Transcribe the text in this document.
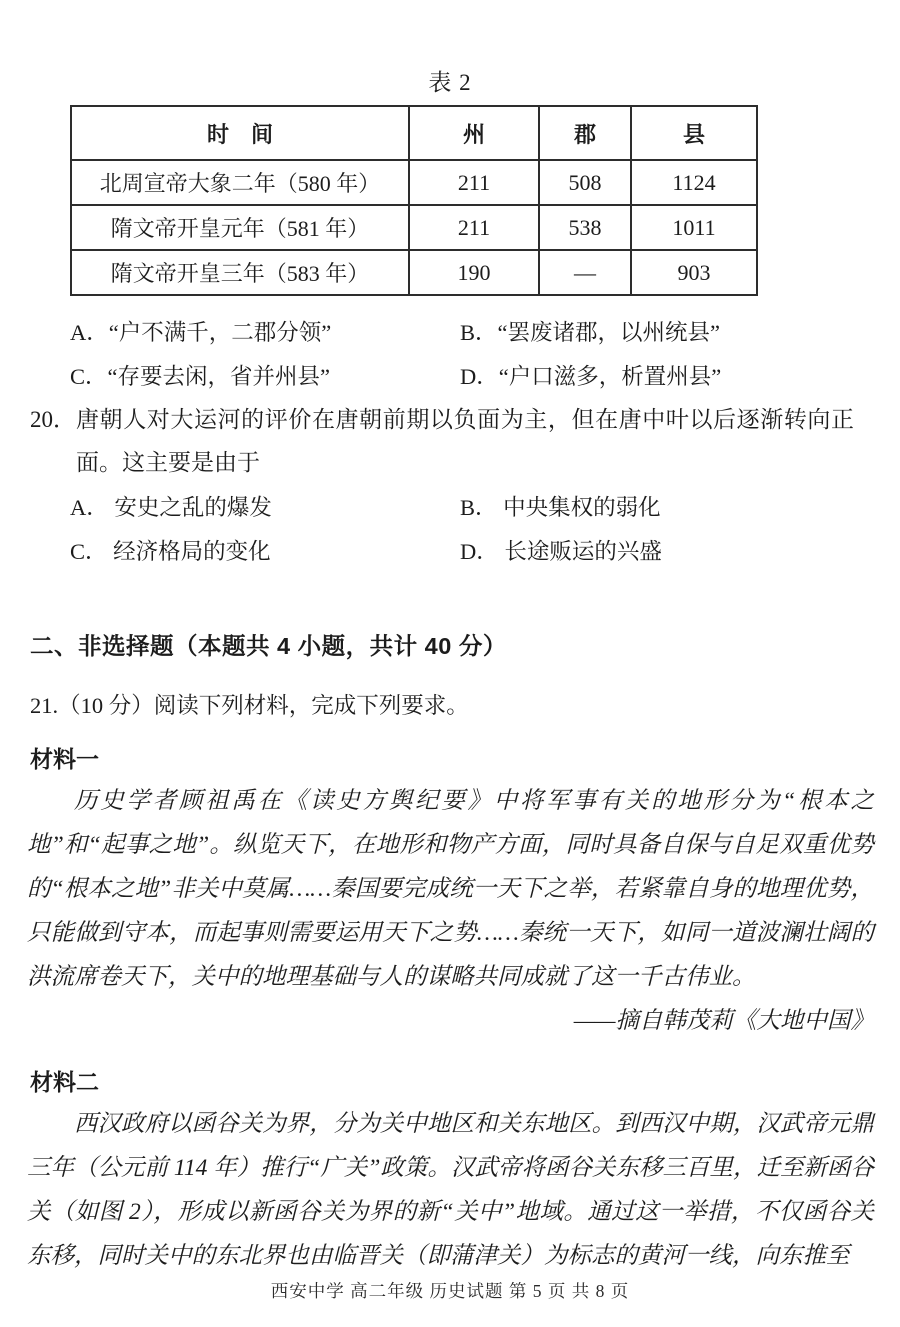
表 2
时　间	州	郡	县
北周宣帝大象二年（580 年）	211	508	1124
隋文帝开皇元年（581 年）	211	538	1011
隋文帝开皇三年（583 年）	190	—	903
A．“户不满千，二郡分领”	B．“罢废诸郡，以州统县”
C．“存要去闲，省并州县”	D．“户口滋多，析置州县”
20． 唐朝人对大运河的评价在唐朝前期以负面为主，但在唐中叶以后逐渐转向正面。这主要是由于
A． 安史之乱的爆发	B． 中央集权的弱化
C． 经济格局的变化	D． 长途贩运的兴盛
二、非选择题（本题共 4 小题，共计 40 分）
21.（10 分）阅读下列材料，完成下列要求。
材料一
历史学者顾祖禹在《读史方舆纪要》中将军事有关的地形分为“根本之地”和“起事之地”。纵览天下，在地形和物产方面，同时具备自保与自足双重优势的“根本之地”非关中莫属……秦国要完成统一天下之举，若紧靠自身的地理优势，只能做到守本，而起事则需要运用天下之势……秦统一天下，如同一道波澜壮阔的洪流席卷天下，关中的地理基础与人的谋略共同成就了这一千古伟业。
——摘自韩茂莉《大地中国》
材料二
西汉政府以函谷关为界，分为关中地区和关东地区。到西汉中期，汉武帝元鼎三年（公元前 114 年）推行“广关”政策。汉武帝将函谷关东移三百里，迁至新函谷关（如图 2），形成以新函谷关为界的新“关中”地域。通过这一举措，不仅函谷关东移，同时关中的东北界也由临晋关（即蒲津关）为标志的黄河一线，向东推至
西安中学 高二年级 历史试题 第 5 页 共 8 页
